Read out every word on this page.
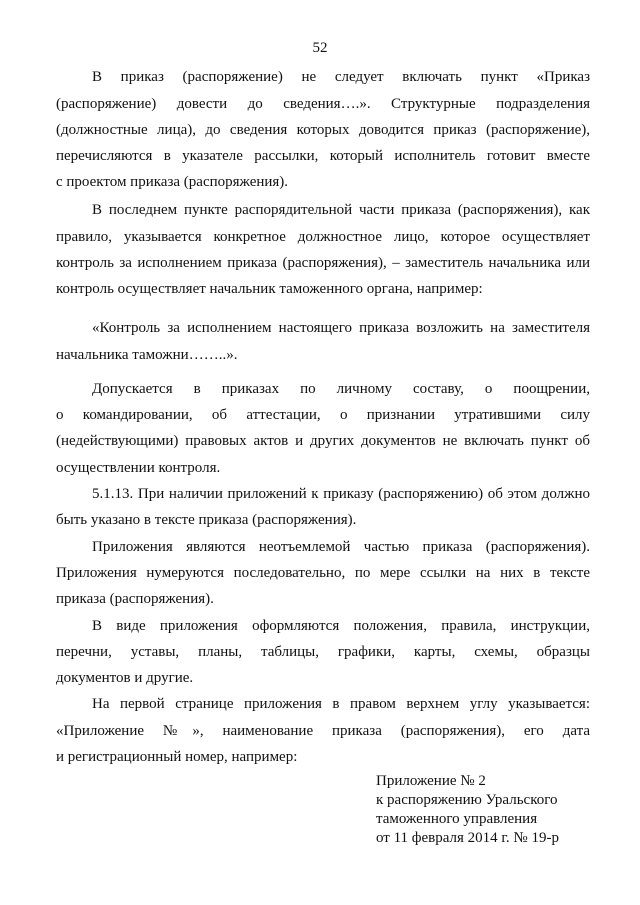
52
В приказ (распоряжение) не следует включать пункт «Приказ
(распоряжение) довести до сведения….». Структурные подразделения
(должностные лица), до сведения которых доводится приказ (распоряжение),
перечисляются в указателе рассылки, который исполнитель готовит вместе
с проектом приказа (распоряжения).
В последнем пункте распорядительной части приказа (распоряжения), как
правило, указывается конкретное должностное лицо, которое осуществляет
контроль за исполнением приказа (распоряжения), – заместитель начальника или
контроль осуществляет начальник таможенного органа, например:
«Контроль за исполнением настоящего приказа возложить на заместителя
начальника таможни……..».
Допускается в приказах по личному составу, о поощрении,
о командировании, об аттестации, о признании утратившими силу
(недействующими) правовых актов и других документов не включать пункт об
осуществлении контроля.
5.1.13. При наличии приложений к приказу (распоряжению) об этом должно
быть указано в тексте приказа (распоряжения).
Приложения являются неотъемлемой частью приказа (распоряжения).
Приложения нумеруются последовательно, по мере ссылки на них в тексте
приказа (распоряжения).
В виде приложения оформляются положения, правила, инструкции,
перечни, уставы, планы, таблицы, графики, карты, схемы, образцы
документов и другие.
На первой странице приложения в правом верхнем углу указывается:
«Приложение №», наименование приказа (распоряжения), его дата
и регистрационный номер, например:
Приложение № 2
к распоряжению Уральского
таможенного управления
от 11 февраля 2014 г. № 19-р
